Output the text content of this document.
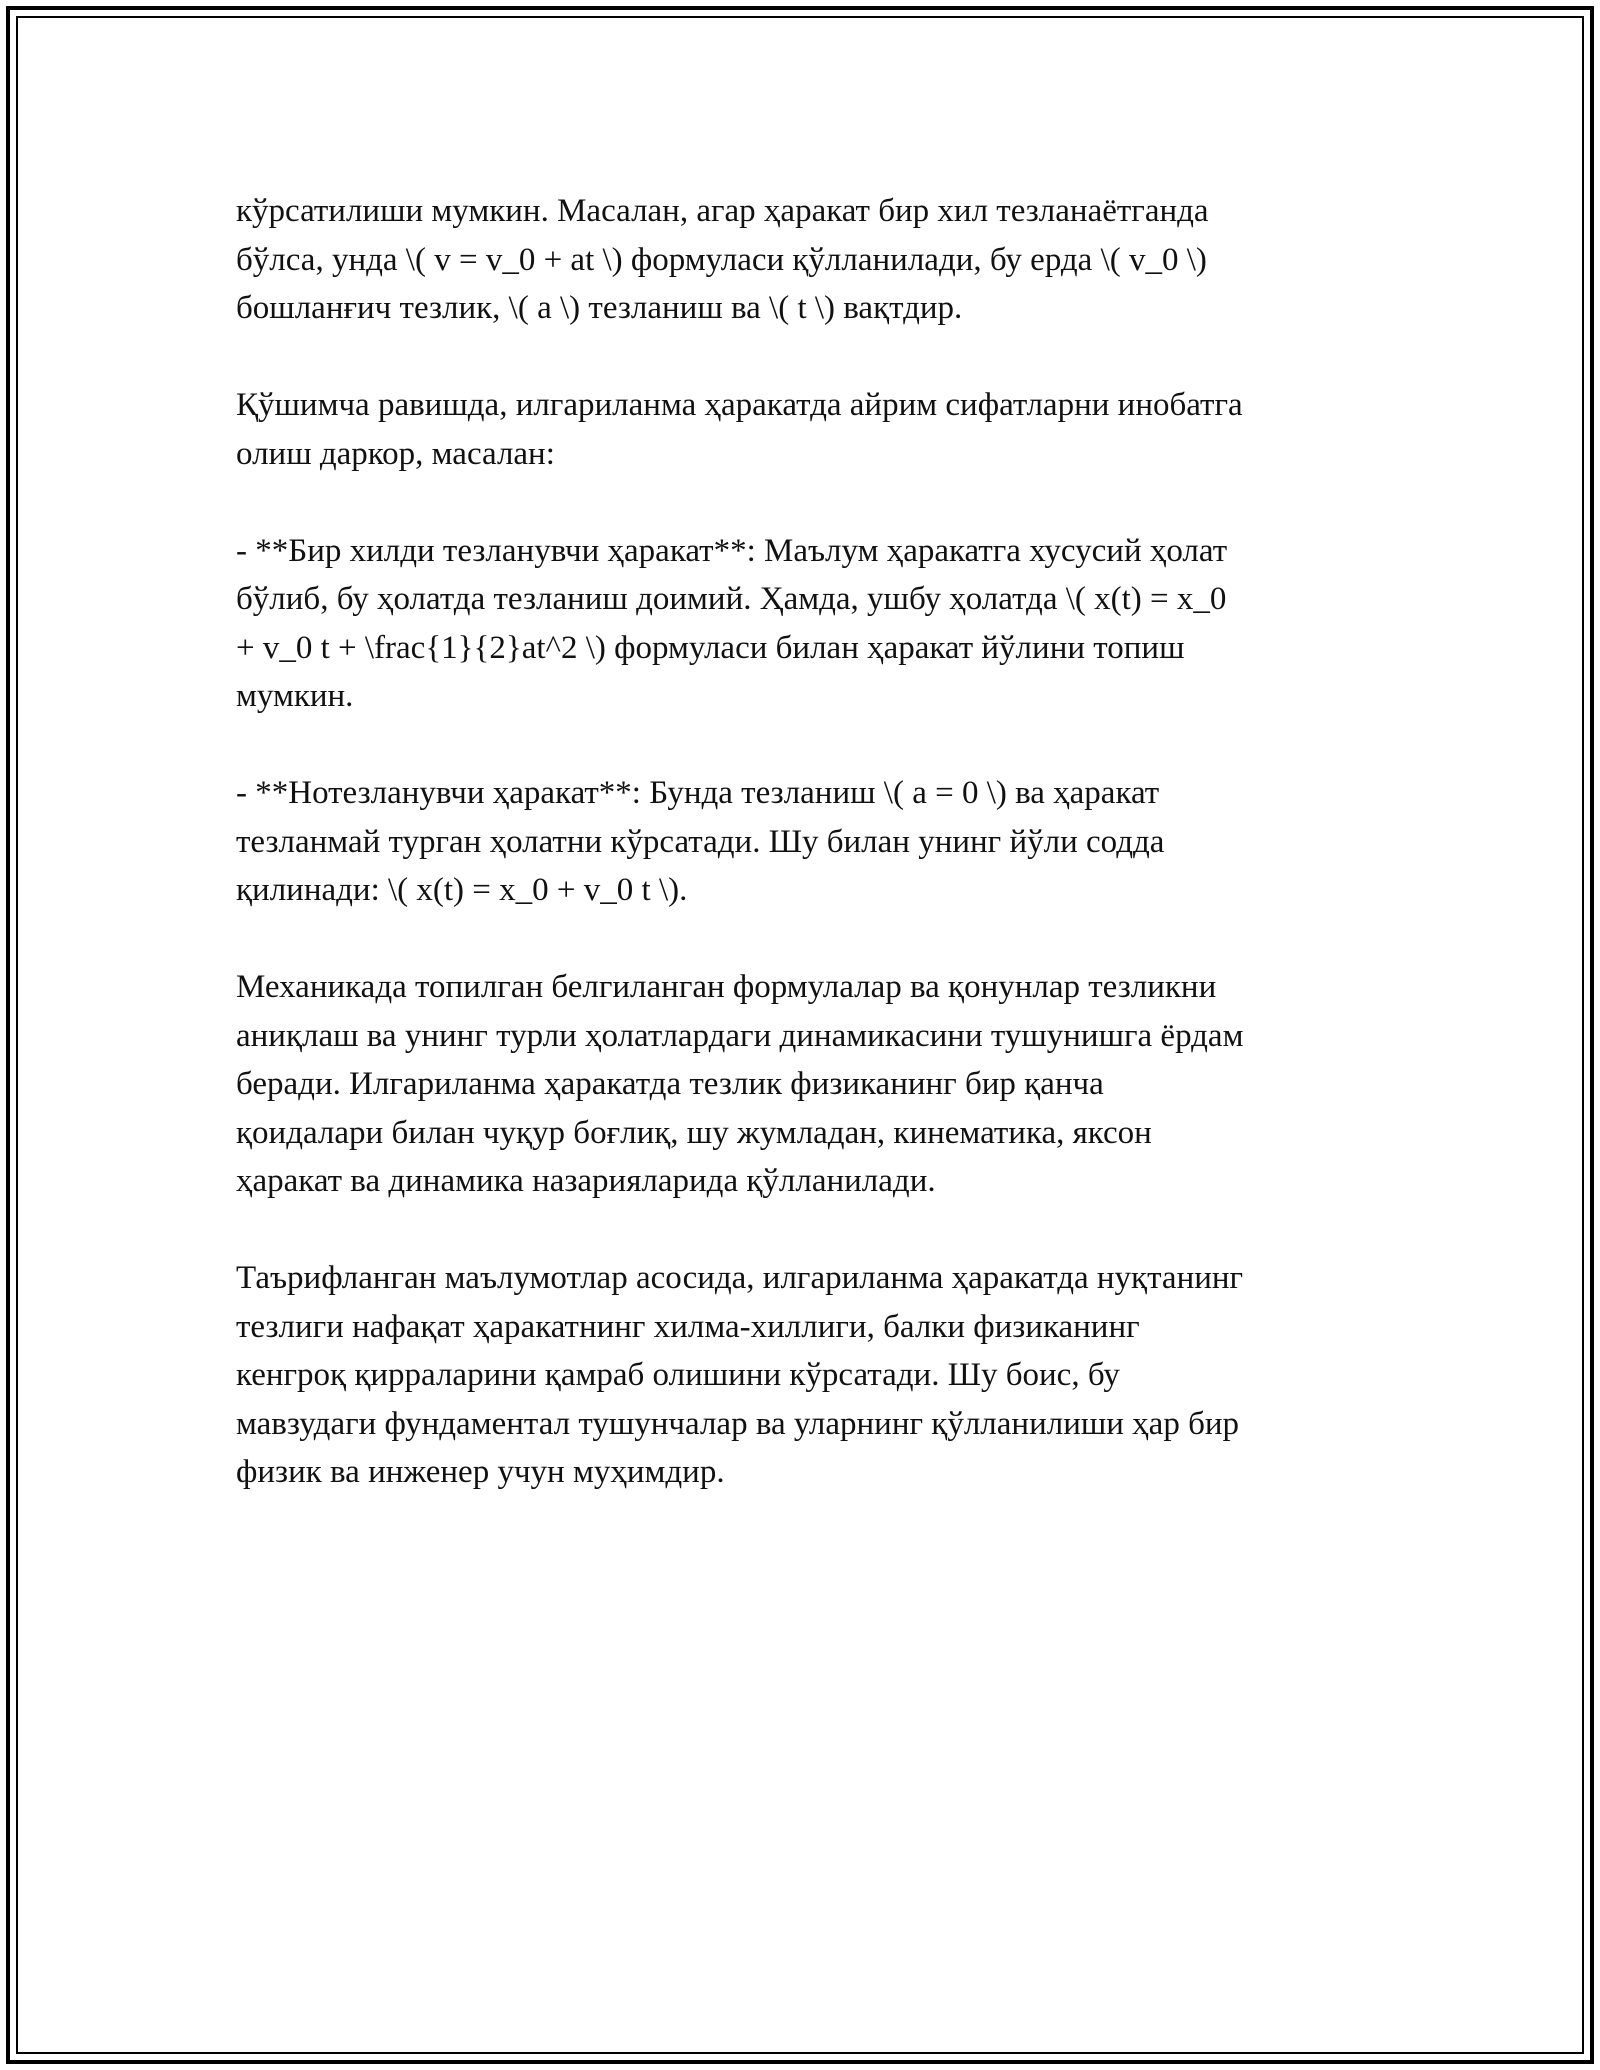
кўрсатилиши мумкин. Масалан, агар ҳаракат бир хил тезланаётганда
бўлса, унда \( v = v_0 + at \) формуласи қўлланилади, бу ерда \( v_0 \)
бошланғич тезлик, \( a \) тезланиш ва \( t \) вақтдир.

Қўшимча равишда, илгариланма ҳаракатда айрим сифатларни инобатга
олиш даркор, масалан:

- **Бир хилди тезланувчи ҳаракат**: Маълум ҳаракатга хусусий ҳолат
бўлиб, бу ҳолатда тезланиш доимий. Ҳамда, ушбу ҳолатда \( x(t) = x_0
+ v_0 t + \frac{1}{2}at^2 \) формуласи билан ҳаракат йўлини топиш
мумкин.

- **Нотезланувчи ҳаракат**: Бунда тезланиш \( a = 0 \) ва ҳаракат
тезланмай турган ҳолатни кўрсатади. Шу билан унинг йўли содда
қилинади: \( x(t) = x_0 + v_0 t \).

Механикада топилган белгиланган формулалар ва қонунлар тезликни
аниқлаш ва унинг турли ҳолатлардаги динамикасини тушунишга ёрдам
беради. Илгариланма ҳаракатда тезлик физиканинг бир қанча
қоидалари билан чуқур боғлиқ, шу жумладан, кинематика, яксон
ҳаракат ва динамика назарияларида қўлланилади.

Таърифланган маълумотлар асосида, илгариланма ҳаракатда нуқтанинг
тезлиги нафақат ҳаракатнинг хилма-хиллиги, балки физиканинг
кенгроқ қирраларини қамраб олишини кўрсатади. Шу боис, бу
мавзудаги фундаментал тушунчалар ва уларнинг қўлланилиши ҳар бир
физик ва инженер учун муҳимдир.
